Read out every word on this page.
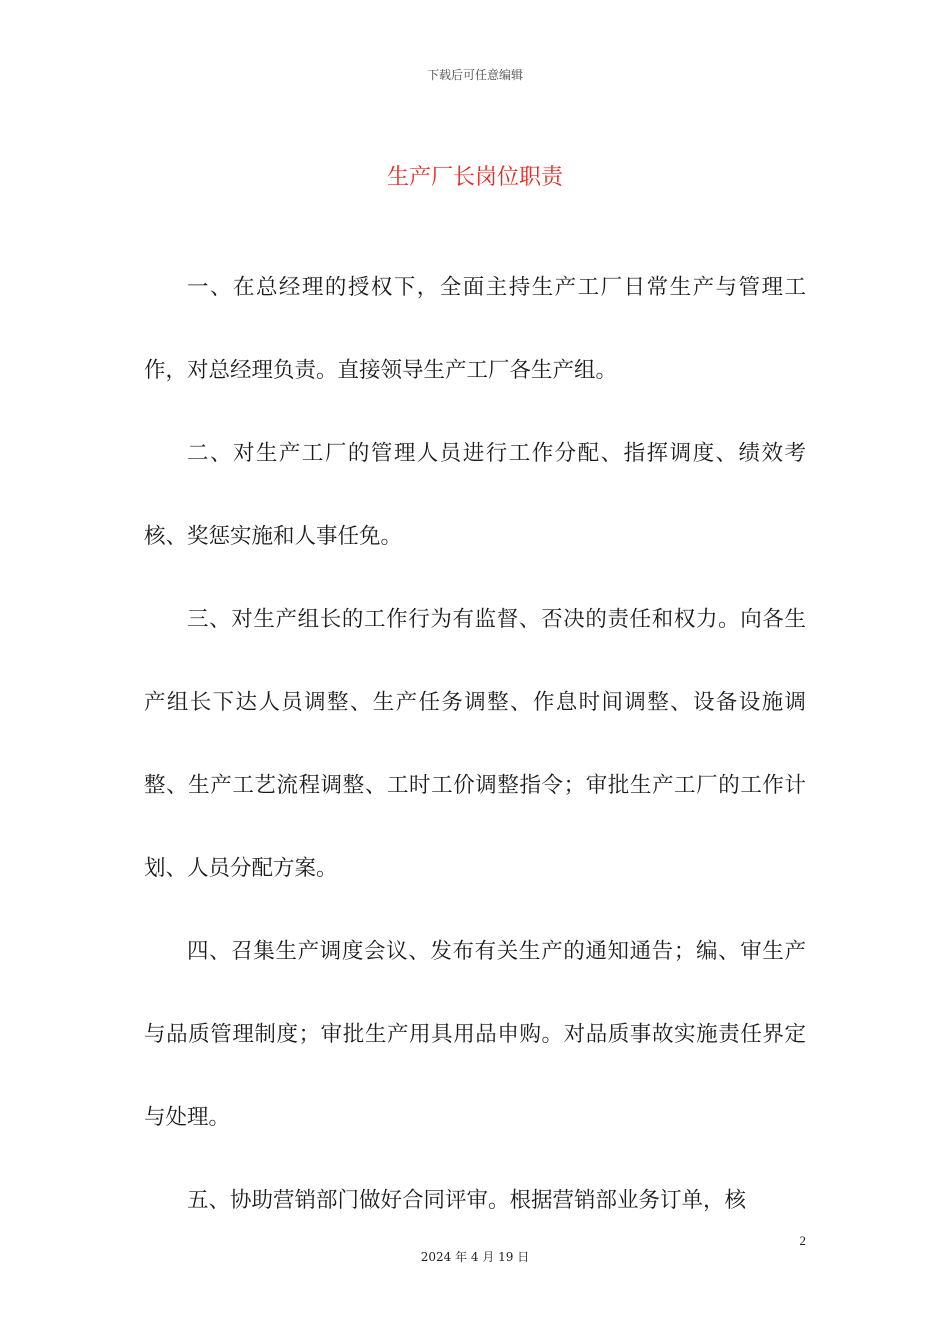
下载后可任意编辑
生产厂长岗位职责

一、在总经理的授权下，全面主持生产工厂日常生产与管理工作，对总经理负责。直接领导生产工厂各生产组。

二、对生产工厂的管理人员进行工作分配、指挥调度、绩效考核、奖惩实施和人事任免。

三、对生产组长的工作行为有监督、否决的责任和权力。向各生产组长下达人员调整、生产任务调整、作息时间调整、设备设施调整、生产工艺流程调整、工时工价调整指令；审批生产工厂的工作计划、人员分配方案。

四、召集生产调度会议、发布有关生产的通知通告；编、审生产与品质管理制度；审批生产用具用品申购。对品质事故实施责任界定与处理。

五、协助营销部门做好合同评审。根据营销部业务订单，核

2
2024 年 4 月 19 日
